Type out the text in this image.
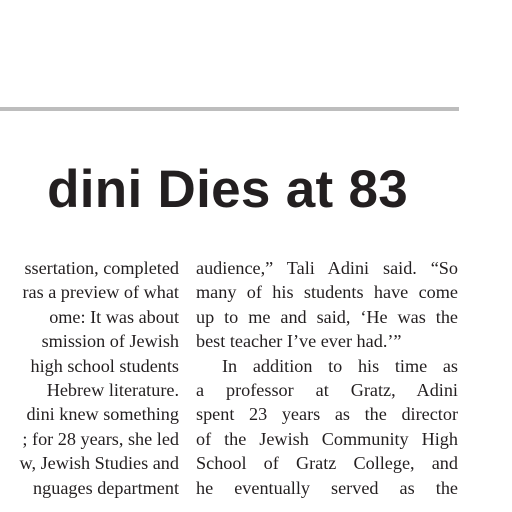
dini Dies at 83
ssertation, completed
ras a preview of what
ome: It was about
smission of Jewish
high school students
Hebrew literature.
dini knew something
; for 28 years, she led
w, Jewish Studies and
nguages department
audience,” Tali Adini said. “So
many of his students have come
up to me and said, ‘He was the
best teacher I’ve ever had.’”
In addition to his time as
a professor at Gratz, Adini
spent 23 years as the director
of the Jewish Community High
School of Gratz College, and
he eventually served as the
